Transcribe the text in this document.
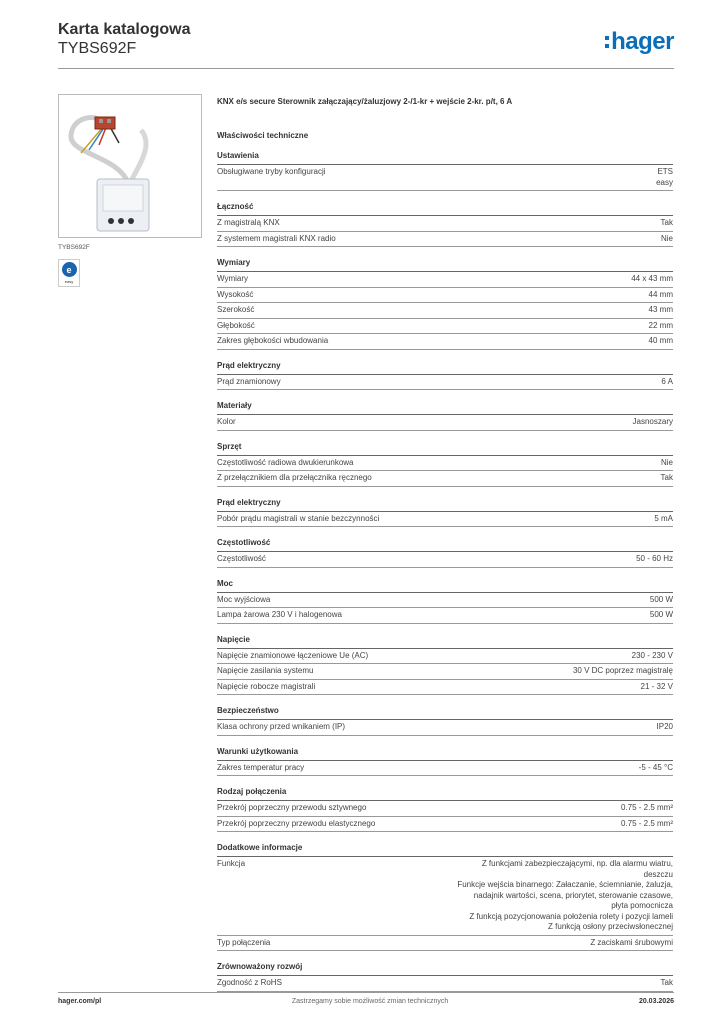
Karta katalogowa
TYBS692F	hager
TYBS692F
e
easy
KNX e/s secure Sterownik załączający/żaluzjowy 2-/1-kr + wejście 2-kr. p/t, 6 A
Właściwości techniczne
Ustawienia
Obsługiwane tryby konfiguracji	ETS
easy
Łączność
Z magistralą KNX	Tak
Z systemem magistrali KNX radio	Nie
Wymiary
Wymiary	44 x 43 mm
Wysokość	44 mm
Szerokość	43 mm
Głębokość	22 mm
Zakres głębokości wbudowania	40 mm
Prąd elektryczny
Prąd znamionowy	6 A
Materiały
Kolor	Jasnoszary
Sprzęt
Częstotliwość radiowa dwukierunkowa	Nie
Z przełącznikiem dla przełącznika ręcznego	Tak
Prąd elektryczny
Pobór prądu magistrali w stanie bezczynności	5 mA
Częstotliwość
Częstotliwość	50 - 60 Hz
Moc
Moc wyjściowa	500 W
Lampa żarowa 230 V i halogenowa	500 W
Napięcie
Napięcie znamionowe łączeniowe Ue (AC)	230 - 230 V
Napięcie zasilania systemu	30 V DC poprzez magistralę
Napięcie robocze magistrali	21 - 32 V
Bezpieczeństwo
Klasa ochrony przed wnikaniem (IP)	IP20
Warunki użytkowania
Zakres temperatur pracy	-5 - 45 °C
Rodzaj połączenia
Przekrój poprzeczny przewodu sztywnego	0.75 - 2.5 mm²
Przekrój poprzeczny przewodu elastycznego	0.75 - 2.5 mm²
Dodatkowe informacje
Funkcja	Z funkcjami zabezpieczającymi, np. dla alarmu wiatru,
deszczu
Funkcje wejścia binarnego: Załaczanie, ściemnianie, żaluzja,
nadajnik wartości, scena, priorytet, sterowanie czasowe,
płyta pomocnicza
Z funkcją pozycjonowania położenia rolety i pozycji lameli
Z funkcją osłony przeciwsłonecznej
Typ połączenia	Z zaciskami śrubowymi
Zrównoważony rozwój
Zgodność z RoHS	Tak
hager.com/pl	Zastrzegamy sobie możliwość zmian technicznych	20.03.2026
